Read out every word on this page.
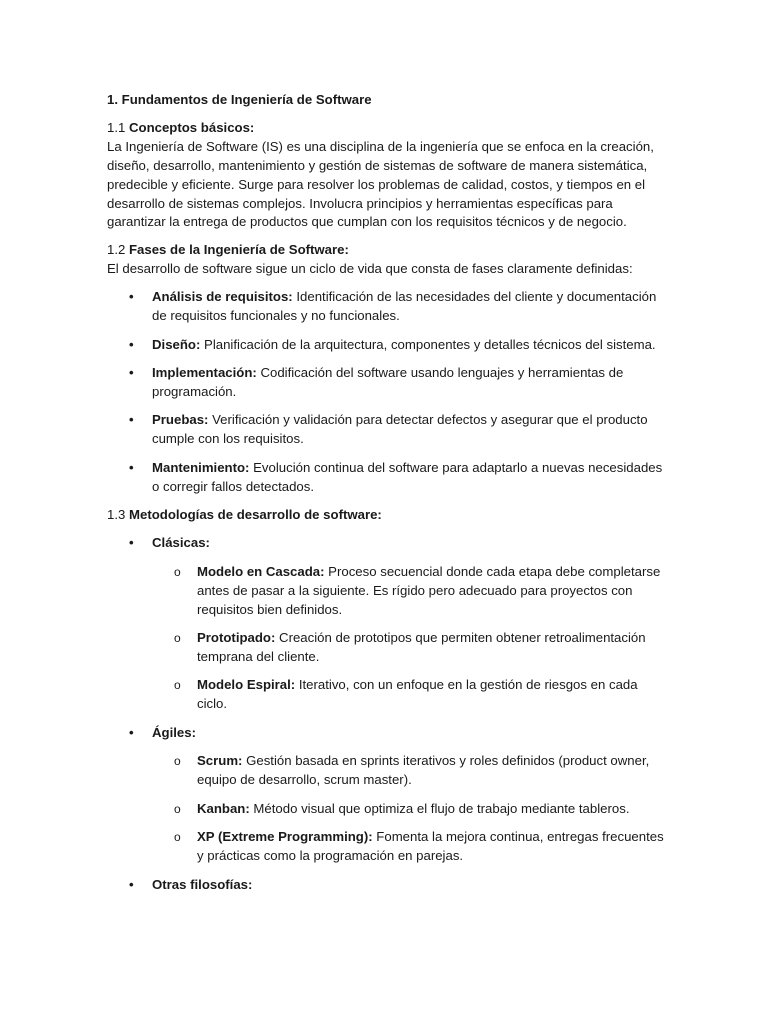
1. Fundamentos de Ingeniería de Software

1.1 Conceptos básicos:

La Ingeniería de Software (IS) es una disciplina de la ingeniería que se enfoca en la creación, diseño, desarrollo, mantenimiento y gestión de sistemas de software de manera sistemática, predecible y eficiente. Surge para resolver los problemas de calidad, costos, y tiempos en el desarrollo de sistemas complejos. Involucra principios y herramientas específicas para garantizar la entrega de productos que cumplan con los requisitos técnicos y de negocio.

1.2 Fases de la Ingeniería de Software:

El desarrollo de software sigue un ciclo de vida que consta de fases claramente definidas:

• Análisis de requisitos: Identificación de las necesidades del cliente y documentación de requisitos funcionales y no funcionales.
• Diseño: Planificación de la arquitectura, componentes y detalles técnicos del sistema.
• Implementación: Codificación del software usando lenguajes y herramientas de programación.
• Pruebas: Verificación y validación para detectar defectos y asegurar que el producto cumple con los requisitos.
• Mantenimiento: Evolución continua del software para adaptarlo a nuevas necesidades o corregir fallos detectados.

1.3 Metodologías de desarrollo de software:

• Clásicas:
o Modelo en Cascada: Proceso secuencial donde cada etapa debe completarse antes de pasar a la siguiente. Es rígido pero adecuado para proyectos con requisitos bien definidos.
o Prototipado: Creación de prototipos que permiten obtener retroalimentación temprana del cliente.
o Modelo Espiral: Iterativo, con un enfoque en la gestión de riesgos en cada ciclo.
• Ágiles:
o Scrum: Gestión basada en sprints iterativos y roles definidos (product owner, equipo de desarrollo, scrum master).
o Kanban: Método visual que optimiza el flujo de trabajo mediante tableros.
o XP (Extreme Programming): Fomenta la mejora continua, entregas frecuentes y prácticas como la programación en parejas.
• Otras filosofías:
